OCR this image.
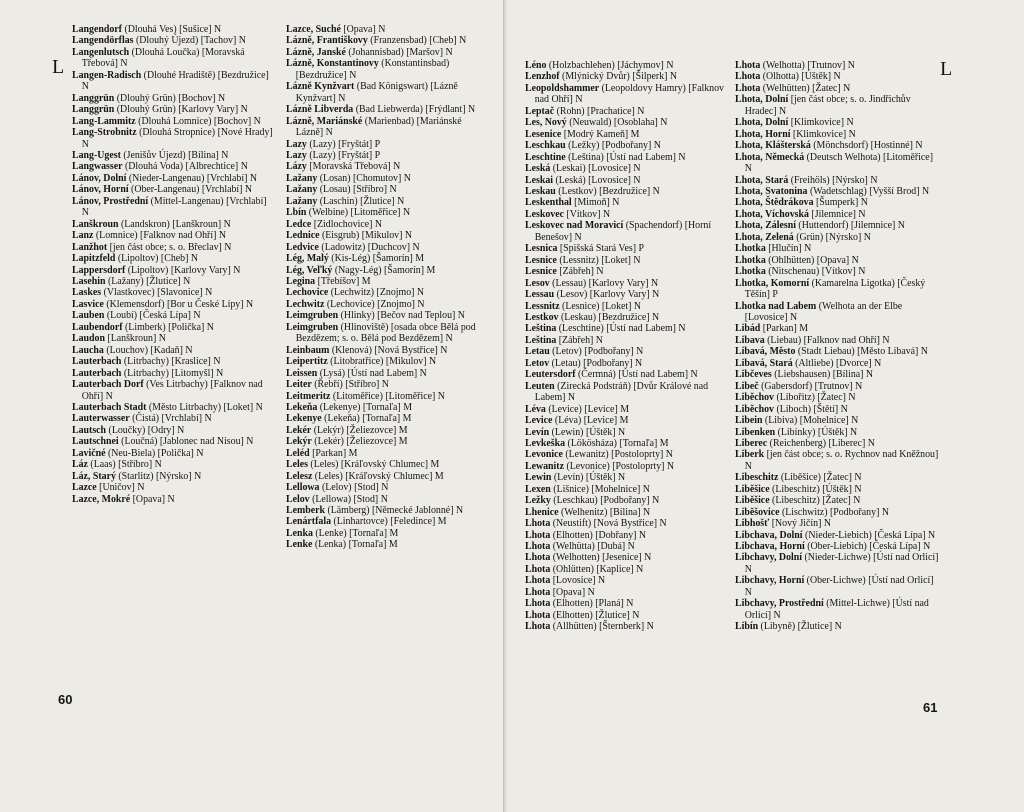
L

Langendorf (Dlouhá Ves) [Sušice] N

Langendörflas (Dlouhý Újezd) [Tachov] N

Langenlutsch (Dlouhá Loučka) [Moravská Třebová] N

Langen-Radisch (Dlouhé Hradiště) [Bezdružice] N

Langgrün (Dlouhý Grün) [Bochov] N

Langgrün (Dlouhý Grün) [Karlovy Vary] N

Lang-Lammitz (Dlouhá Lomnice) [Bochov] N

Lang-Strobnitz (Dlouhá Stropnice) [Nové Hrady] N

Lang-Ugest (Jenišův Újezd) [Bílina] N

Langwasser (Dlouhá Voda) [Albrechtice] N

Lánov, Dolní (Nieder-Langenau) [Vrchlabí] N

Lánov, Horní (Ober-Langenau) [Vrchlabí] N

Lánov, Prostřední (Mittel-Langenau) [Vrchlabí] N

Lanškroun (Landskron) [Lanškroun] N

Lanz (Lomnice) [Falknov nad Ohří] N

Lanžhot [jen část obce; s. o. Břeclav] N

Lapitzfeld (Lipoltov) [Cheb] N

Lappersdorf (Lipoltov) [Karlovy Vary] N

Lasehin (Lažany) [Žlutice] N

Laskes (Vlastkovec) [Slavonice] N

Lasvice (Klemensdorf) [Bor u České Lípy] N

Lauben (Loubí) [Česká Lípa] N

Laubendorf (Limberk) [Polička] N

Laudon [Lanškroun] N

Laucha (Louchov) [Kadaň] N

Lauterbach (Litrbachy) [Kraslice] N

Lauterbach (Litrbachy) [Litomyšl] N

Lauterbach Dorf (Ves Litrbachy) [Falknov nad Ohří] N

Lauterbach Stadt (Město Litrbachy) [Loket] N

Lauterwasser (Čistá) [Vrchlabí] N

Lautsch (Loučky) [Odry] N

Lautschnei (Loučná) [Jablonec nad Nisou] N

Lavičné (Neu-Biela) [Polička] N

Láz (Laas) [Stříbro] N

Láz, Starý (Starlitz) [Nýrsko] N

Lazce [Uničov] N

Lazce, Mokré [Opava] N

Lazce, Suché [Opava] N

Lázně, Františkovy (Franzensbad) [Cheb] N

Lázně, Janské (Johannisbad) [Maršov] N

Lázně, Konstantinovy (Konstantinsbad) [Bezdružice] N

Lázně Kynžvart (Bad Königswart) [Lázně Kynžvart] N

Lázně Libverda (Bad Liebwerda) [Frýdlant] N

Lázně, Mariánské (Marienbad) [Mariánské Lázně] N

Lazy (Lazy) [Fryštát] P

Lazy (Lazy) [Fryštát] P

Lázy [Moravská Třebová] N

Lažany (Losan) [Chomutov] N

Lažany (Losau) [Stříbro] N

Lažany (Laschin) [Žlutice] N

Lbín (Welbine) [Litoměřice] N

Ledce [Zidlochovice] N

Lednice (Eisgrub) [Mikulov] N

Ledvice (Ladowitz) [Duchcov] N

Lég, Malý (Kis-Lég) [Šamorín] M

Lég, Veľký (Nagy-Lég) [Šamorín] M

Legina [Třebíšov] M

Lechovice (Lechwitz) [Znojmo] N

Lechwitz (Lechovice) [Znojmo] N

Leimgruben (Hlinky) [Bečov nad Teplou] N

Leimgruben (Hlinoviště) [osada obce Bělá pod Bezdězem; s. o. Bělá pod Bezdězem] N

Leinbaum (Klenová) [Nová Bystřice] N

Leipertitz (Litobratřice) [Mikulov] N

Leissen (Lysá) [Ústí nad Labem] N

Leiter (Řebří) [Stříbro] N

Leitmeritz (Litoměřice) [Litoměřice] N

Lekeňa (Lekenye) [Tornaľa] M

Lekenye (Lekeňa) [Tornaľa] M

Lekér (Lekýr) [Želiezovce] M

Lekýr (Lekér) [Želiezovce] M

Leléd [Parkan] M

Leles (Leles) [Kráľovský Chlumec] M

Lelesz (Leles) [Kráľovský Chlumec] M

Lellowa (Lelov) [Stod] N

Lelov (Lellowa) [Stod] N

Lemberk (Lämberg) [Německé Jablonné] N

Lenártfala (Linhartovce) [Feledince] M

Lenka (Lenke) [Tornaľa] M

Lenke (Lenka) [Tornaľa] M

60
L

Léno (Holzbachlehen) [Jáchymov] N

Lenzhof (Mlýnický Dvůr) [Šilperk] N

Leopoldshammer (Leopoldovy Hamry) [Falknov nad Ohří] N

Leptač (Rohn) [Prachatice] N

Les, Nový (Neuwald) [Osoblaha] N

Lesenice [Modrý Kameň] M

Leschkau (Ležky) [Podbořany] N

Leschtine (Leština) [Ústí nad Labem] N

Leská (Leskai) [Lovosice] N

Leskai (Leská) [Lovosice] N

Leskau (Lestkov) [Bezdružice] N

Leskenthal [Mimoň] N

Leskovec [Vítkov] N

Leskovec nad Moravicí (Spachendorf) [Horní Benešov] N

Lesnica [Spišská Stará Ves] P

Lesnice (Lessnitz) [Loket] N

Lesnice [Zábřeh] N

Lesov (Lessau) [Karlovy Vary] N

Lessau (Lesov) [Karlovy Vary] N

Lessnitz (Lesnice) [Loket] N

Lestkov (Leskau) [Bezdružice] N

Leština (Leschtine) [Ústí nad Labem] N

Leština [Zábřeh] N

Letau (Letov) [Podbořany] N

Letov (Letau) [Podbořany] N

Leutersdorf (Čermná) [Ústí nad Labem] N

Leuten (Zirecká Podstráň) [Dvůr Králové nad Labem] N

Léva (Levice) [Levice] M

Levice (Léva) [Levice] M

Levín (Lewin) [Úštěk] N

Levkeška (Lökösháza) [Tornaľa] M

Levonice (Lewanitz) [Postoloprty] N

Lewanitz (Levonice) [Postoloprty] N

Lewin (Levín) [Úštěk] N

Lexen (Lišnice) [Mohelnice] N

Ležky (Leschkau) [Podbořany] N

Lhenice (Welhenitz) [Bílina] N

Lhota (Neustift) [Nová Bystřice] N

Lhota (Elhotten) [Dobřany] N

Lhota (Welhütta) [Dubá] N

Lhota (Welhotten) [Jesenice] N

Lhota (Ohlütten) [Kaplice] N

Lhota [Lovosice] N

Lhota [Opava] N

Lhota (Elhotten) [Planá] N

Lhota (Elhotten) [Žlutice] N

Lhota (Allhütten) [Šternberk] N

Lhota (Welhotta) [Trutnov] N

Lhota (Olhotta) [Úštěk] N

Lhota (Welhütten) [Žatec] N

Lhota, Dolní [jen část obce; s. o. Jindřichův Hradec] N

Lhota, Dolní [Klimkovice] N

Lhota, Horní [Klimkovice] N

Lhota, Klášterská (Mönchsdorf) [Hostinné] N

Lhota, Německá (Deutsch Welhota) [Litoměřice] N

Lhota, Stará (Freihöls) [Nýrsko] N

Lhota, Svatonina (Wadetschlag) [Vyšší Brod] N

Lhota, Štědrákova [Šumperk] N

Lhota, Víchovská [Jilemnice] N

Lhota, Zálesní (Huttendorf) [Jilemnice] N

Lhota, Zelená (Grün) [Nýrsko] N

Lhotka [Hlučín] N

Lhotka (Ohlhütten) [Opava] N

Lhotka (Nitschenau) [Vítkov] N

Lhotka, Komorní (Kamarelna Ligotka) [Český Těšín] P

Lhotka nad Labem (Welhota an der Elbe [Lovosice] N

Libád [Parkan] M

Libava (Liebau) [Falknov nad Ohří] N

Libavá, Město (Stadt Liebau) [Město Libavá] N

Libavá, Stará (Altliebe) [Dvorce] N

Libčeves (Liebshausen) [Bílina] N

Libeč (Gabersdorf) [Trutnov] N

Liběchov (Libořitz) [Žatec] N

Liběchov (Liboch) [Štětí] N

Libein (Libiva) [Mohelnice] N

Libenken (Libínky) [Úštěk] N

Liberec (Reichenberg) [Liberec] N

Liberk [jen část obce; s. o. Rychnov nad Kněžnou] N

Libeschitz (Liběšice) [Žatec] N

Liběšice (Libeschitz) [Úštěk] N

Liběšice (Libeschitz) [Žatec] N

Liběšovice (Lischwitz) [Podbořany] N

Libhošť [Nový Jičín] N

Libchava, Dolní (Nieder-Liebich) [Česká Lípa] N

Libchava, Horní (Ober-Liebich) [Česká Lípa] N

Libchavy, Dolní (Nieder-Lichwe) [Ústí nad Orlicí] N

Libchavy, Horní (Ober-Lichwe) [Ústí nad Orlicí] N

Libchavy, Prostřední (Mittel-Lichwe) [Ústí nad Orlicí] N

Libín (Libyně) [Žlutice] N

61
